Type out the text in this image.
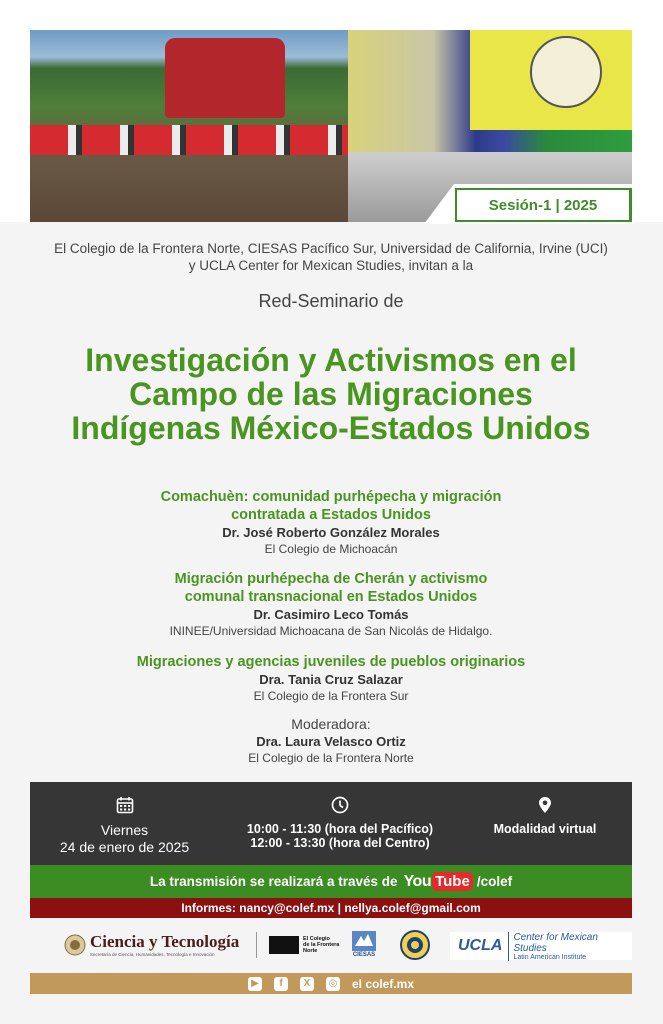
Sesión-1 | 2025
El Colegio de la Frontera Norte, CIESAS Pacífico Sur, Universidad de California, Irvine (UCI)
y UCLA Center for Mexican Studies, invitan a la
Red-Seminario de
Investigación y Activismos en el
Campo de las Migraciones
Indígenas México-Estados Unidos
Comachuèn: comunidad purhépecha y migración
contratada a Estados Unidos
Dr. José Roberto González Morales
El Colegio de Michoacán
Migración purhépecha de Cherán y activismo
comunal transnacional en Estados Unidos
Dr. Casimiro Leco Tomás
ININEE/Universidad Michoacana de San Nicolás de Hidalgo.
Migraciones y agencias juveniles de pueblos originarios
Dra. Tania Cruz Salazar
El Colegio de la Frontera Sur
Moderadora:
Dra. Laura Velasco Ortiz
El Colegio de la Frontera Norte
Viernes
24 de enero de 2025
10:00 - 11:30 (hora del Pacífico)
12:00 - 13:30 (hora del Centro)
Modalidad virtual
La transmisión se realizará a través de You Tube /colef
Informes: nancy@colef.mx | nellya.colef@gmail.com
Ciencia y Tecnología
Secretaría de Ciencia, Humanidades, Tecnología e Innovación
El Colegio
de la Frontera
Norte
CIESAS
UCLA Center for Mexican Studies
Latin American Institute
▶	f	X	◎ el colef.mx
